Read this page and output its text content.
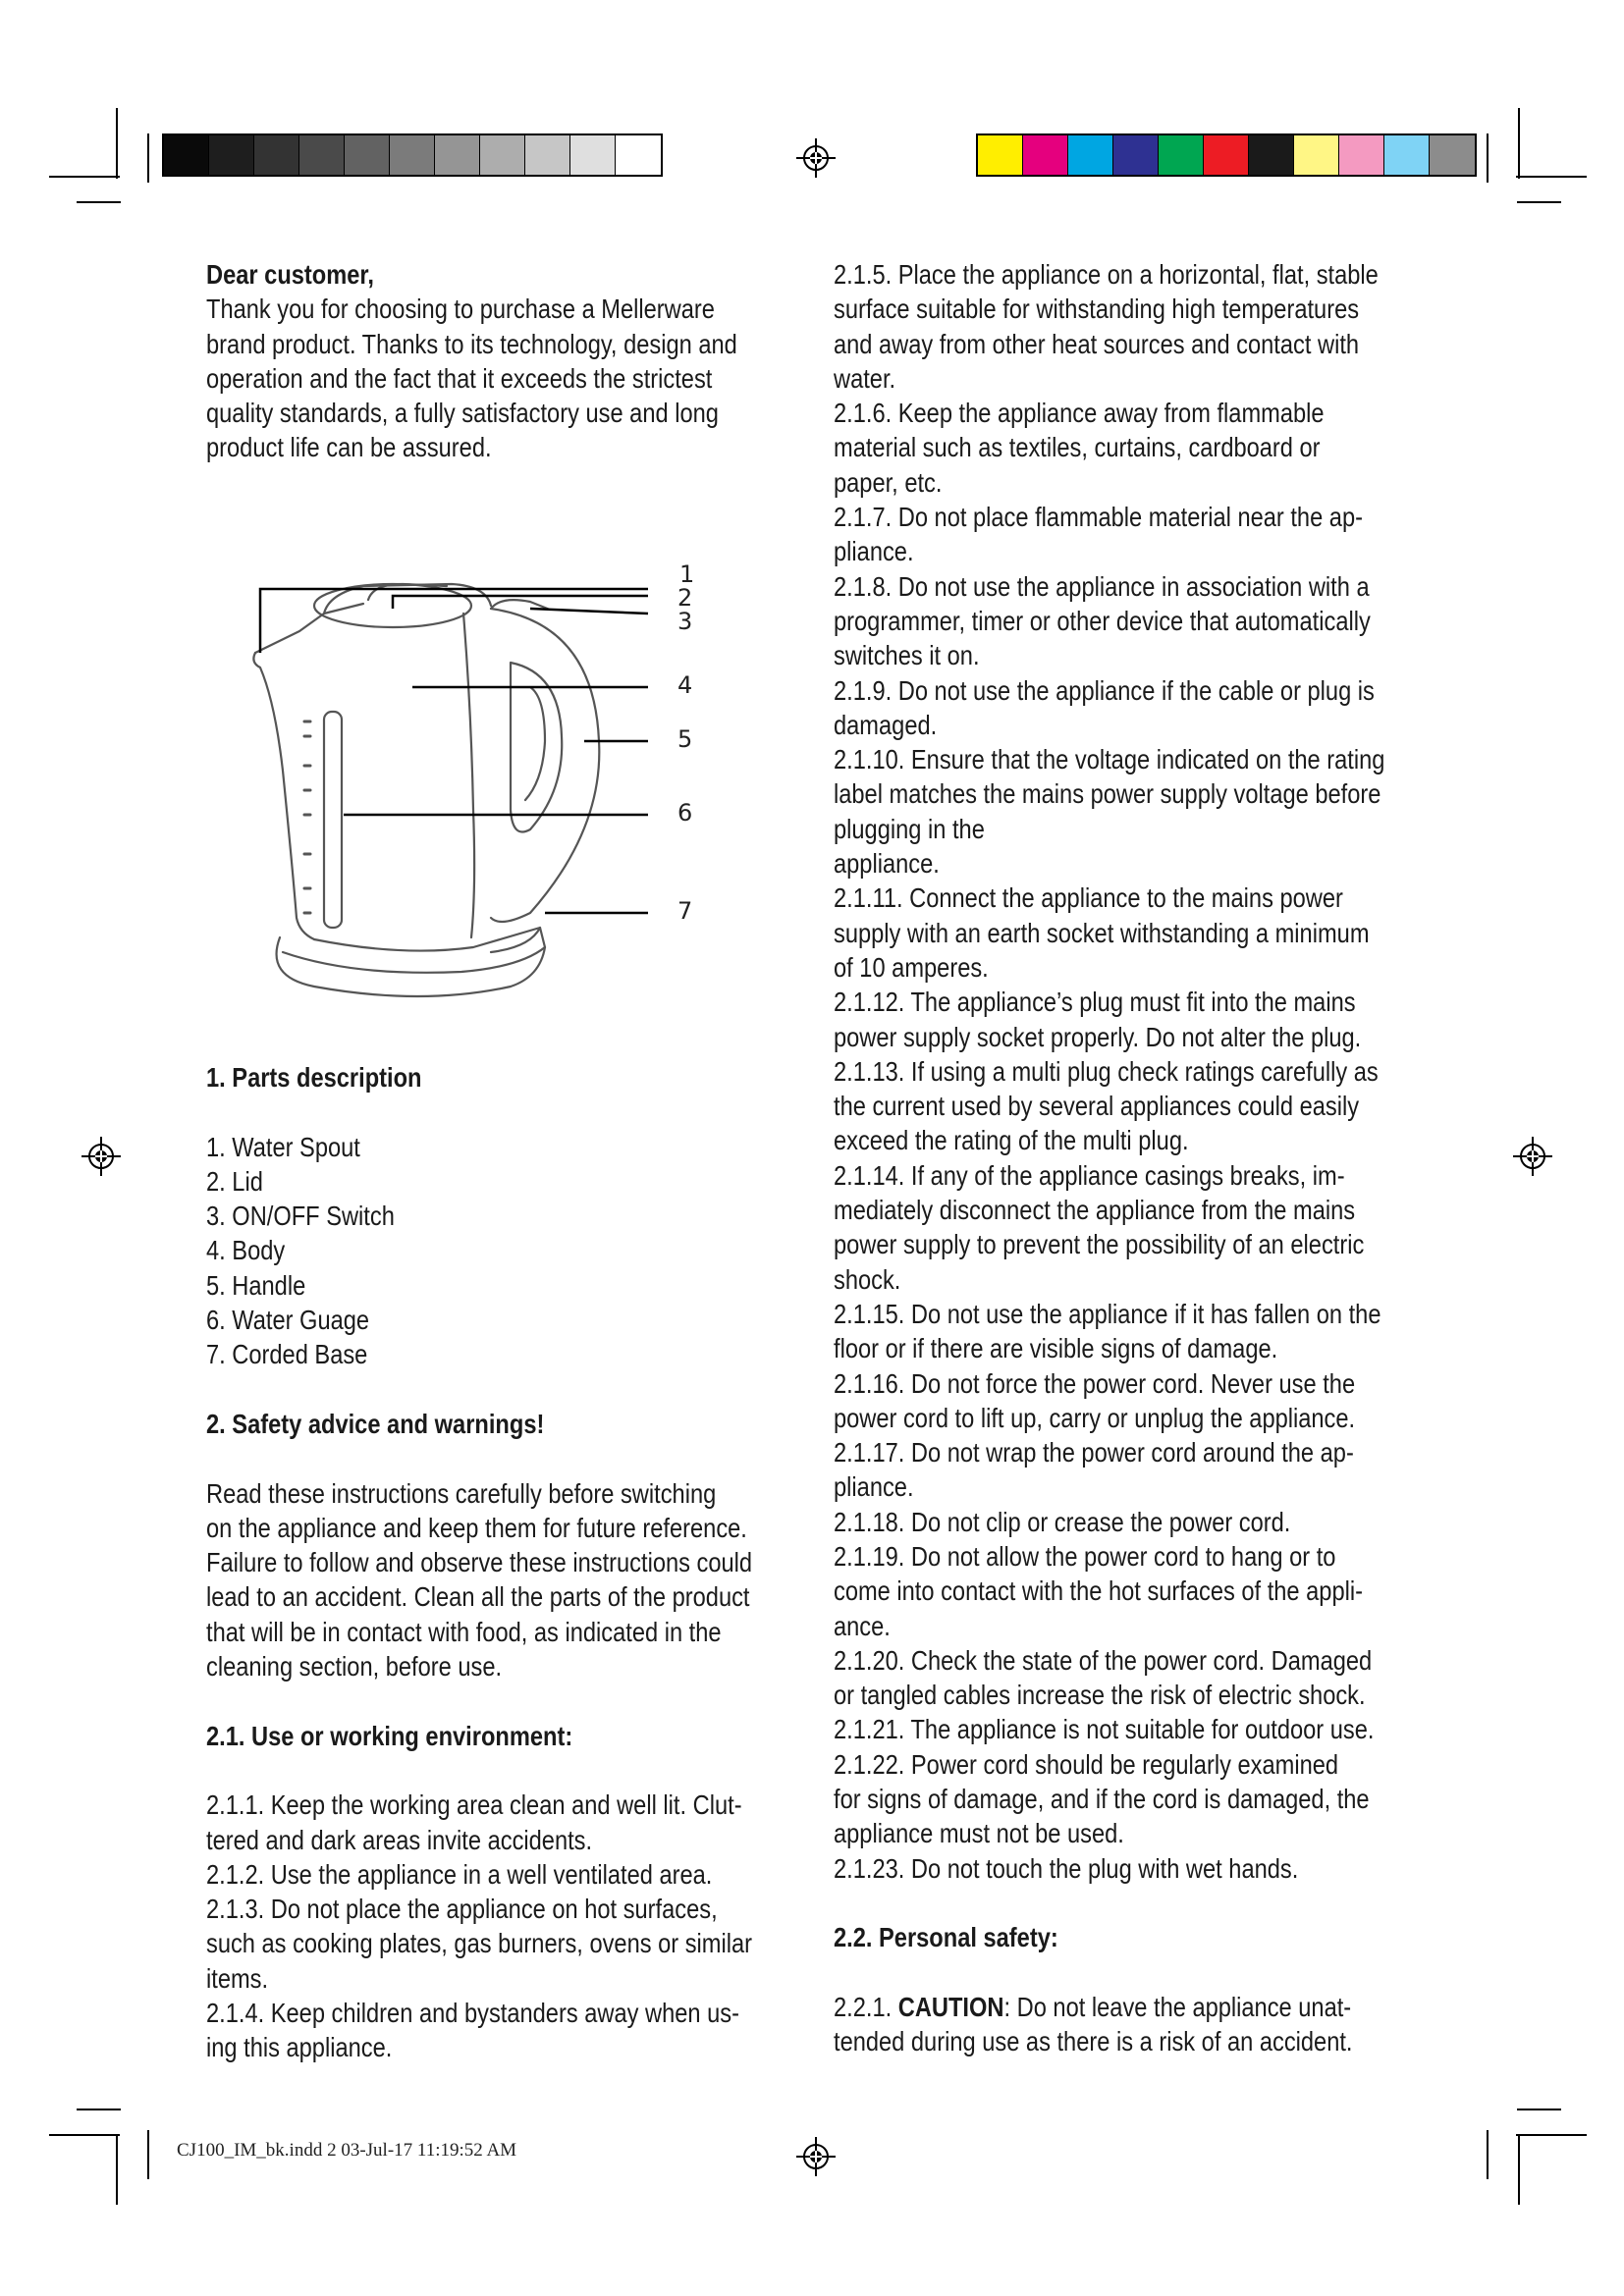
Dear customer,

Thank you for choosing to purchase a Mellerware

brand product. Thanks to its technology, design and

operation and the fact that it exceeds the strictest

quality standards, a fully satisfactory use and long

product life can be assured.

1
2
3
4
5
6
7

1. Parts description

1. Water Spout

2. Lid

3. ON/OFF Switch

4. Body

5. Handle

6. Water Guage

7. Corded Base

2. Safety advice and warnings!

Read these instructions carefully before switching

on the appliance and keep them for future reference.

Failure to follow and observe these instructions could

lead to an accident. Clean all the parts of the product

that will be in contact with food, as indicated in the

cleaning section, before use.

2.1. Use or working environment:

2.1.1. Keep the working area clean and well lit. Clut-

tered and dark areas invite accidents.

2.1.2. Use the appliance in a well ventilated area.

2.1.3. Do not place the appliance on hot surfaces,

such as cooking plates, gas burners, ovens or similar

items.

2.1.4. Keep children and bystanders away when us-

ing this appliance.

2.1.5. Place the appliance on a horizontal, flat, stable

surface suitable for withstanding high temperatures

and away from other heat sources and contact with

water.

2.1.6. Keep the appliance away from flammable

material such as textiles, curtains, cardboard or

paper, etc.

2.1.7. Do not place flammable material near the ap-

pliance.

2.1.8. Do not use the appliance in association with a

programmer, timer or other device that automatically

switches it on.

2.1.9. Do not use the appliance if the cable or plug is

damaged.

2.1.10. Ensure that the voltage indicated on the rating

label matches the mains power supply voltage before

plugging in the

appliance.

2.1.11. Connect the appliance to the mains power

supply with an earth socket withstanding a minimum

of 10 amperes.

2.1.12. The appliance’s plug must fit into the mains

power supply socket properly. Do not alter the plug.

2.1.13. If using a multi plug check ratings carefully as

the current used by several appliances could easily

exceed the rating of the multi plug.

2.1.14. If any of the appliance casings breaks, im-

mediately disconnect the appliance from the mains

power supply to prevent the possibility of an electric

shock.

2.1.15. Do not use the appliance if it has fallen on the

floor or if there are visible signs of damage.

2.1.16. Do not force the power cord. Never use the

power cord to lift up, carry or unplug the appliance.

2.1.17. Do not wrap the power cord around the ap-

pliance.

2.1.18. Do not clip or crease the power cord.

2.1.19. Do not allow the power cord to hang or to

come into contact with the hot surfaces of the appli-

ance.

2.1.20. Check the state of the power cord. Damaged

or tangled cables increase the risk of electric shock.

2.1.21. The appliance is not suitable for outdoor use.

2.1.22. Power cord should be regularly examined

for signs of damage, and if the cord is damaged, the

appliance must not be used.

2.1.23. Do not touch the plug with wet hands.

2.2. Personal safety:

2.2.1. CAUTION: Do not leave the appliance unat-

tended during use as there is a risk of an accident.

CJ100_IM_bk.indd 2 03-Jul-17 11:19:52 AM
